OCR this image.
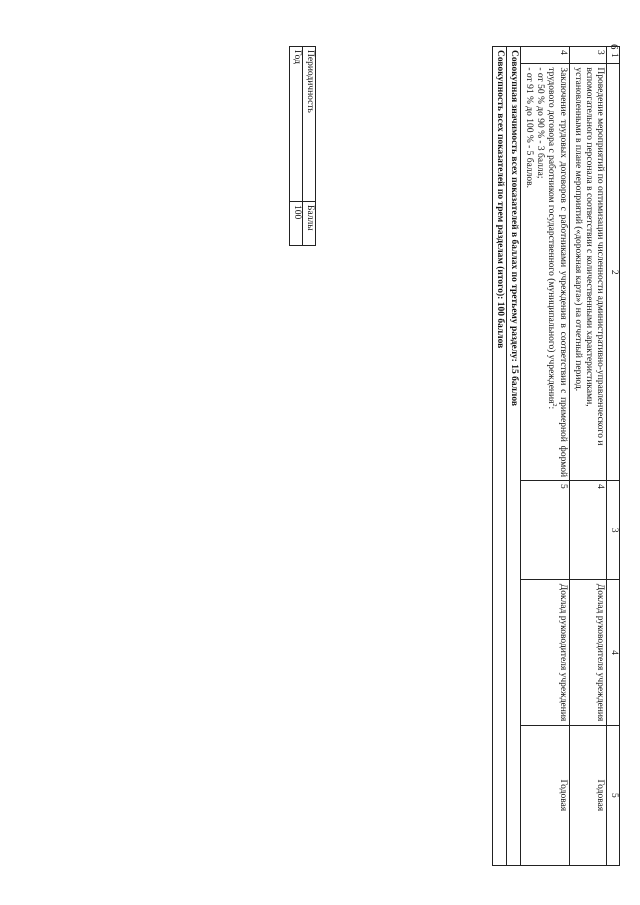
6
1	2	3	4	5
3	Проведение мероприятий по оптимизации численности административно-управленческого и вспомогательного персонала в соответствии с количественными характеристиками, установленными в плане мероприятий («дорожная карта») на отчетный период.	4	Доклад руководителя учреждения	Годовая
4	Заключение трудовых договоров с работниками учреждения в соответствии с примерной формой трудового договора с работником государственного (муниципального) учреждения$^2$:
- от 50 % до 90 % - 3 балла;
- от 91 % до 100 % - 5 баллов.	5	Доклад руководителя учреждения	Годовая
Совокупная значимость всех показателей в баллах по третьему разделу: 15 баллов				
Совокупность всех показателей по трем разделам (итого): 100 баллов				
Периодичность	Баллы
Год	100
